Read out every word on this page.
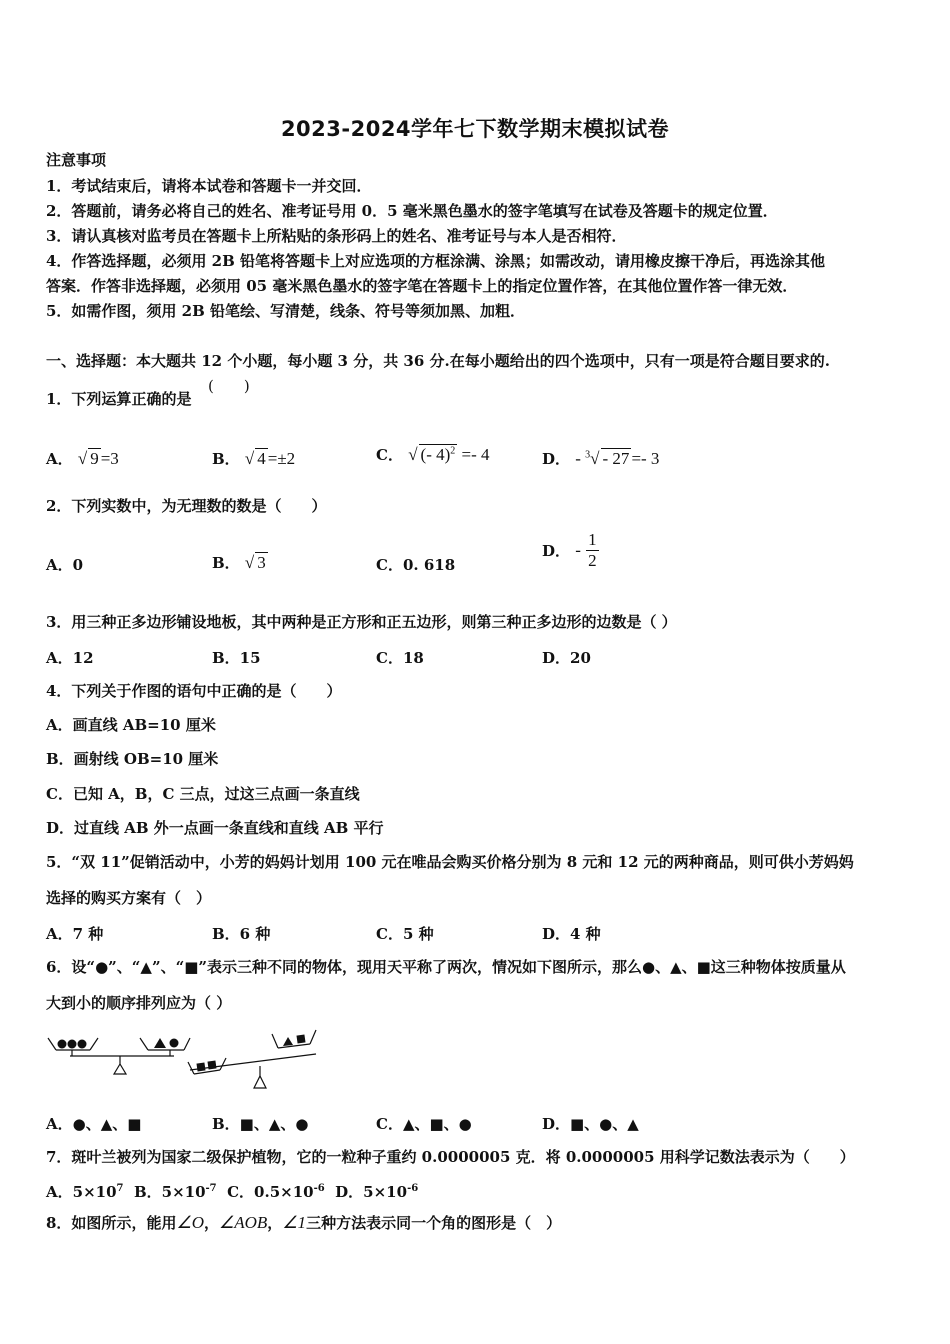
2023-2024学年七下数学期末模拟试卷
注意事项
1．考试结束后，请将本试卷和答题卡一并交回．
2．答题前，请务必将自己的姓名、准考证号用 0．5 毫米黑色墨水的签字笔填写在试卷及答题卡的规定位置．
3．请认真核对监考员在答题卡上所粘贴的条形码上的姓名、准考证号与本人是否相符．
4．作答选择题，必须用 2B 铅笔将答题卡上对应选项的方框涂满、涂黑；如需改动，请用橡皮擦干净后，再选涂其他
答案．作答非选择题，必须用 05 毫米黑色墨水的签字笔在答题卡上的指定位置作答，在其他位置作答一律无效．
5．如需作图，须用 2B 铅笔绘、写清楚，线条、符号等须加黑、加粗．
一、选择题：本大题共 12 个小题，每小题 3 分，共 36 分.在每小题给出的四个选项中，只有一项是符合题目要求的.
1．下列运算正确的是
(　　)
A． √ 9 =3	B． √ 4 =±2	C． √ (- 4)$^2$ =- 4	D． - $^3$√ - 27 =- 3
2．下列实数中，为无理数的数是（　　）
A．0	B． √ 3	C．0. 618
D． - $\frac{1}{2}$
3．用三种正多边形铺设地板，其中两种是正方形和正五边形，则第三种正多边形的边数是（ ）
A．12	B．15	C．18	D．20
4．下列关于作图的语句中正确的是（　　）
A．画直线 AB=10 厘米
B．画射线 OB=10 厘米
C．已知 A，B，C 三点，过这三点画一条直线
D．过直线 AB 外一点画一条直线和直线 AB 平行
5．“双 11”促销活动中，小芳的妈妈计划用 100 元在唯品会购买价格分别为 8 元和 12 元的两种商品，则可供小芳妈妈
选择的购买方案有（　）
A．7 种	B．6 种	C．5 种	D．4 种
6．设“●”、“▲”、“■”表示三种不同的物体，现用天平称了两次，情况如下图所示，那么●、▲、■这三种物体按质量从
大到小的顺序排列应为（ ）
A．●、▲、■	B．■、▲、●	C．▲、■、●	D．■、●、▲
7．斑叶兰被列为国家二级保护植物，它的一粒种子重约 0.0000005 克．将 0.0000005 用科学记数法表示为（　　）
A．$5\times 10^7$ B．$5\times 10^{-7}$ C．$0.5\times 10^{-6}$ D．$5\times 10^{-6}$
8．如图所示，能用∠O，∠AOB，∠1三种方法表示同一个角的图形是（　）
